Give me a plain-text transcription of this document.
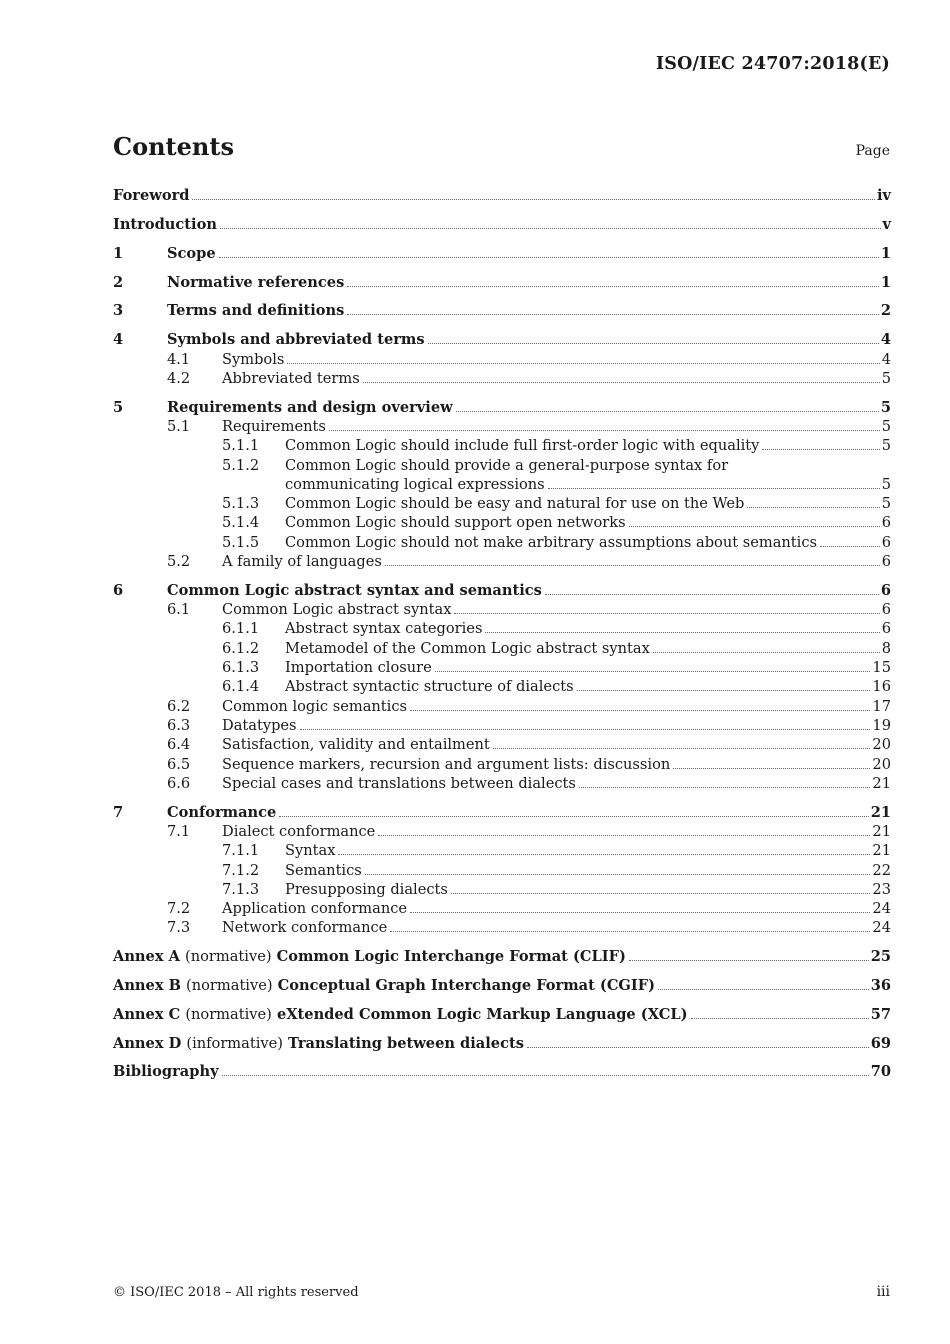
ISO/IEC 24707:2018(E)
Contents	Page
Foreword	iv
Introduction	v
1	Scope	1
2	Normative references	1
3	Terms and definitions	2
4	Symbols and abbreviated terms	4
4.1	Symbols	4
4.2	Abbreviated terms	5
5	Requirements and design overview	5
5.1	Requirements	5
5.1.1	Common Logic should include full first-order logic with equality	5
5.1.2	Common Logic should provide a general-purpose syntax for
communicating logical expressions	5
5.1.3	Common Logic should be easy and natural for use on the Web	5
5.1.4	Common Logic should support open networks	6
5.1.5	Common Logic should not make arbitrary assumptions about semantics	6
5.2	A family of languages	6
6	Common Logic abstract syntax and semantics	6
6.1	Common Logic abstract syntax	6
6.1.1	Abstract syntax categories	6
6.1.2	Metamodel of the Common Logic abstract syntax	8
6.1.3	Importation closure	15
6.1.4	Abstract syntactic structure of dialects	16
6.2	Common logic semantics	17
6.3	Datatypes	19
6.4	Satisfaction, validity and entailment	20
6.5	Sequence markers, recursion and argument lists: discussion	20
6.6	Special cases and translations between dialects	21
7	Conformance	21
7.1	Dialect conformance	21
7.1.1	Syntax	21
7.1.2	Semantics	22
7.1.3	Presupposing dialects	23
7.2	Application conformance	24
7.3	Network conformance	24
Annex A (normative) Common Logic Interchange Format (CLIF)	25
Annex B (normative) Conceptual Graph Interchange Format (CGIF)	36
Annex C (normative) eXtended Common Logic Markup Language (XCL)	57
Annex D (informative) Translating between dialects	69
Bibliography	70
© ISO/IEC 2018 – All rights reserved	iii
